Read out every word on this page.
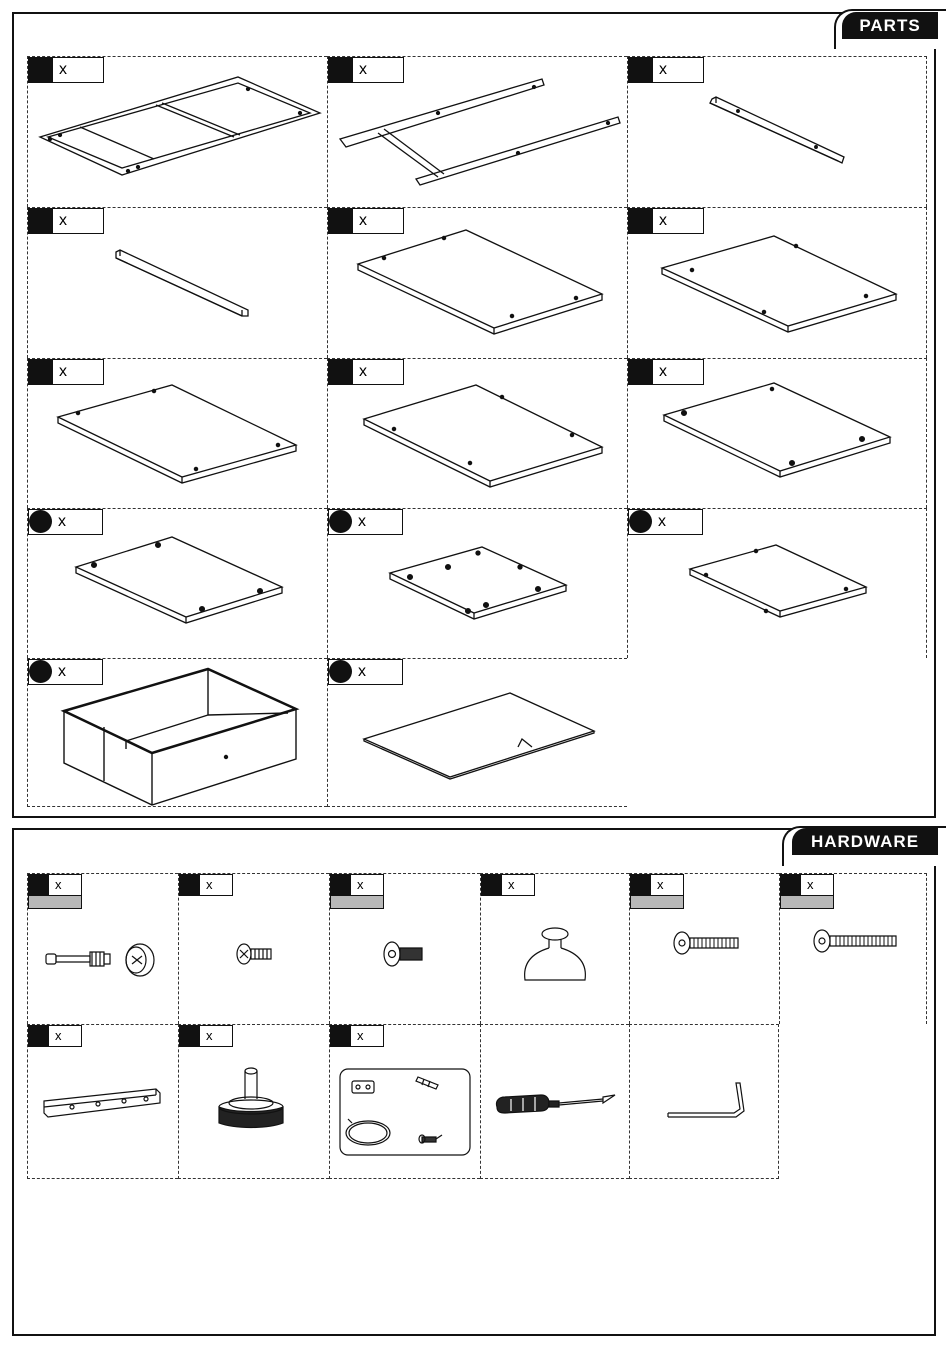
PARTS
x	x	x
x	x	x
x	x	x
x	x	x
x	x
HARDWARE
x	x	x	x	x	x
x	x	x
